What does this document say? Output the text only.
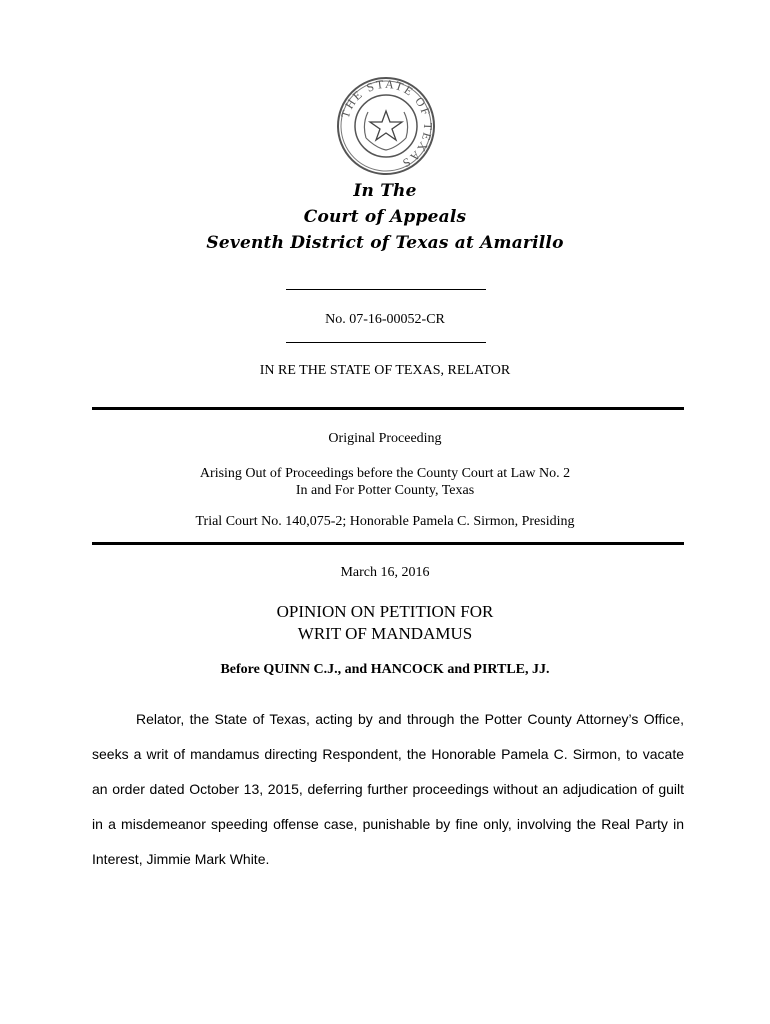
THE STATE OF TEXAS
In The
Court of Appeals
Seventh District of Texas at Amarillo
No. 07-16-00052-CR
IN RE THE STATE OF TEXAS, RELATOR
Original Proceeding
Arising Out of Proceedings before the County Court at Law No. 2
In and For Potter County, Texas
Trial Court No. 140,075-2; Honorable Pamela C. Sirmon, Presiding
March 16, 2016
OPINION ON PETITION FOR
WRIT OF MANDAMUS
Before QUINN C.J., and HANCOCK and PIRTLE, JJ.

Relator, the State of Texas, acting by and through the Potter County Attorney’s Office, seeks a writ of mandamus directing Respondent, the Honorable Pamela C. Sirmon, to vacate an order dated October 13, 2015, deferring further proceedings without an adjudication of guilt in a misdemeanor speeding offense case, punishable by fine only, involving the Real Party in Interest, Jimmie Mark White.
